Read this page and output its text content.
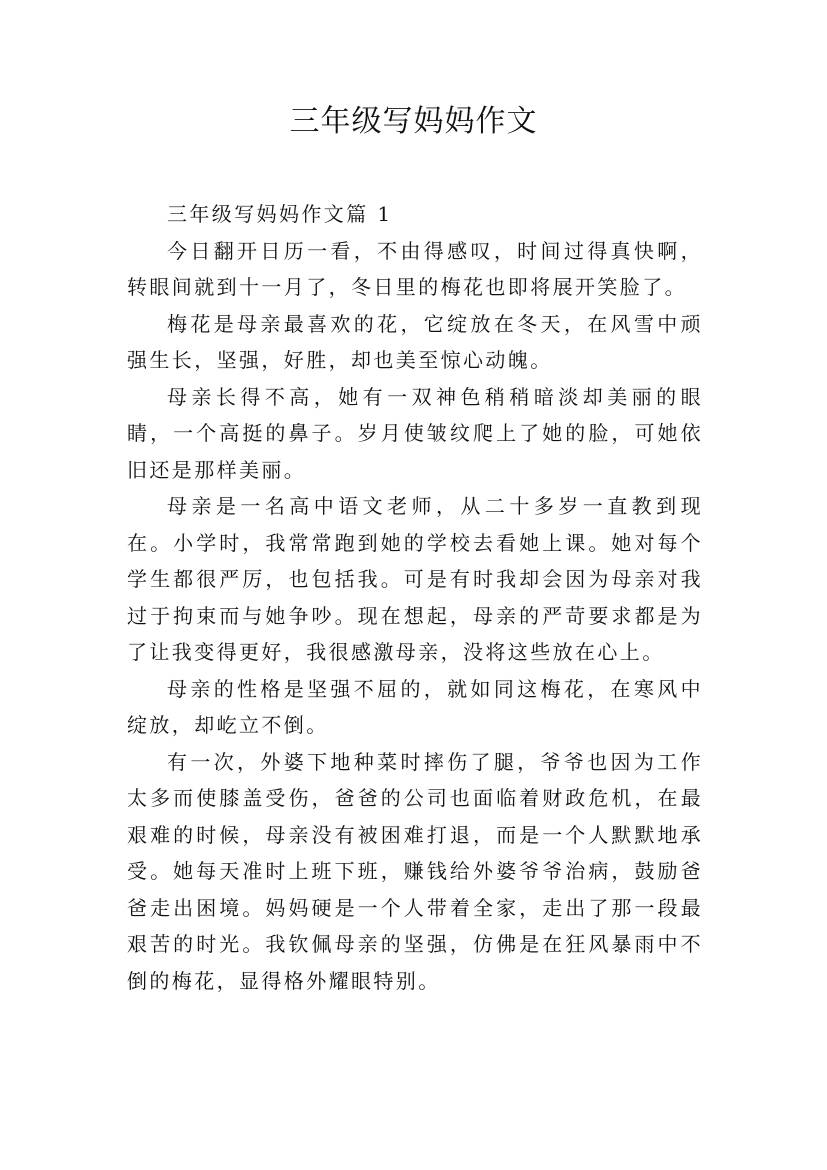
三年级写妈妈作文

三年级写妈妈作文篇 1

今日翻开日历一看，不由得感叹，时间过得真快啊，转眼间就到十一月了，冬日里的梅花也即将展开笑脸了。

梅花是母亲最喜欢的花，它绽放在冬天，在风雪中顽强生长，坚强，好胜，却也美至惊心动魄。

母亲长得不高，她有一双神色稍稍暗淡却美丽的眼睛，一个高挺的鼻子。岁月使皱纹爬上了她的脸，可她依旧还是那样美丽。

母亲是一名高中语文老师，从二十多岁一直教到现在。小学时，我常常跑到她的学校去看她上课。她对每个学生都很严厉，也包括我。可是有时我却会因为母亲对我过于拘束而与她争吵。现在想起，母亲的严苛要求都是为了让我变得更好，我很感激母亲，没将这些放在心上。

母亲的性格是坚强不屈的，就如同这梅花，在寒风中绽放，却屹立不倒。

有一次，外婆下地种菜时摔伤了腿，爷爷也因为工作太多而使膝盖受伤，爸爸的公司也面临着财政危机，在最艰难的时候，母亲没有被困难打退，而是一个人默默地承受。她每天准时上班下班，赚钱给外婆爷爷治病，鼓励爸爸走出困境。妈妈硬是一个人带着全家，走出了那一段最艰苦的时光。我钦佩母亲的坚强，仿佛是在狂风暴雨中不倒的梅花，显得格外耀眼特别。
